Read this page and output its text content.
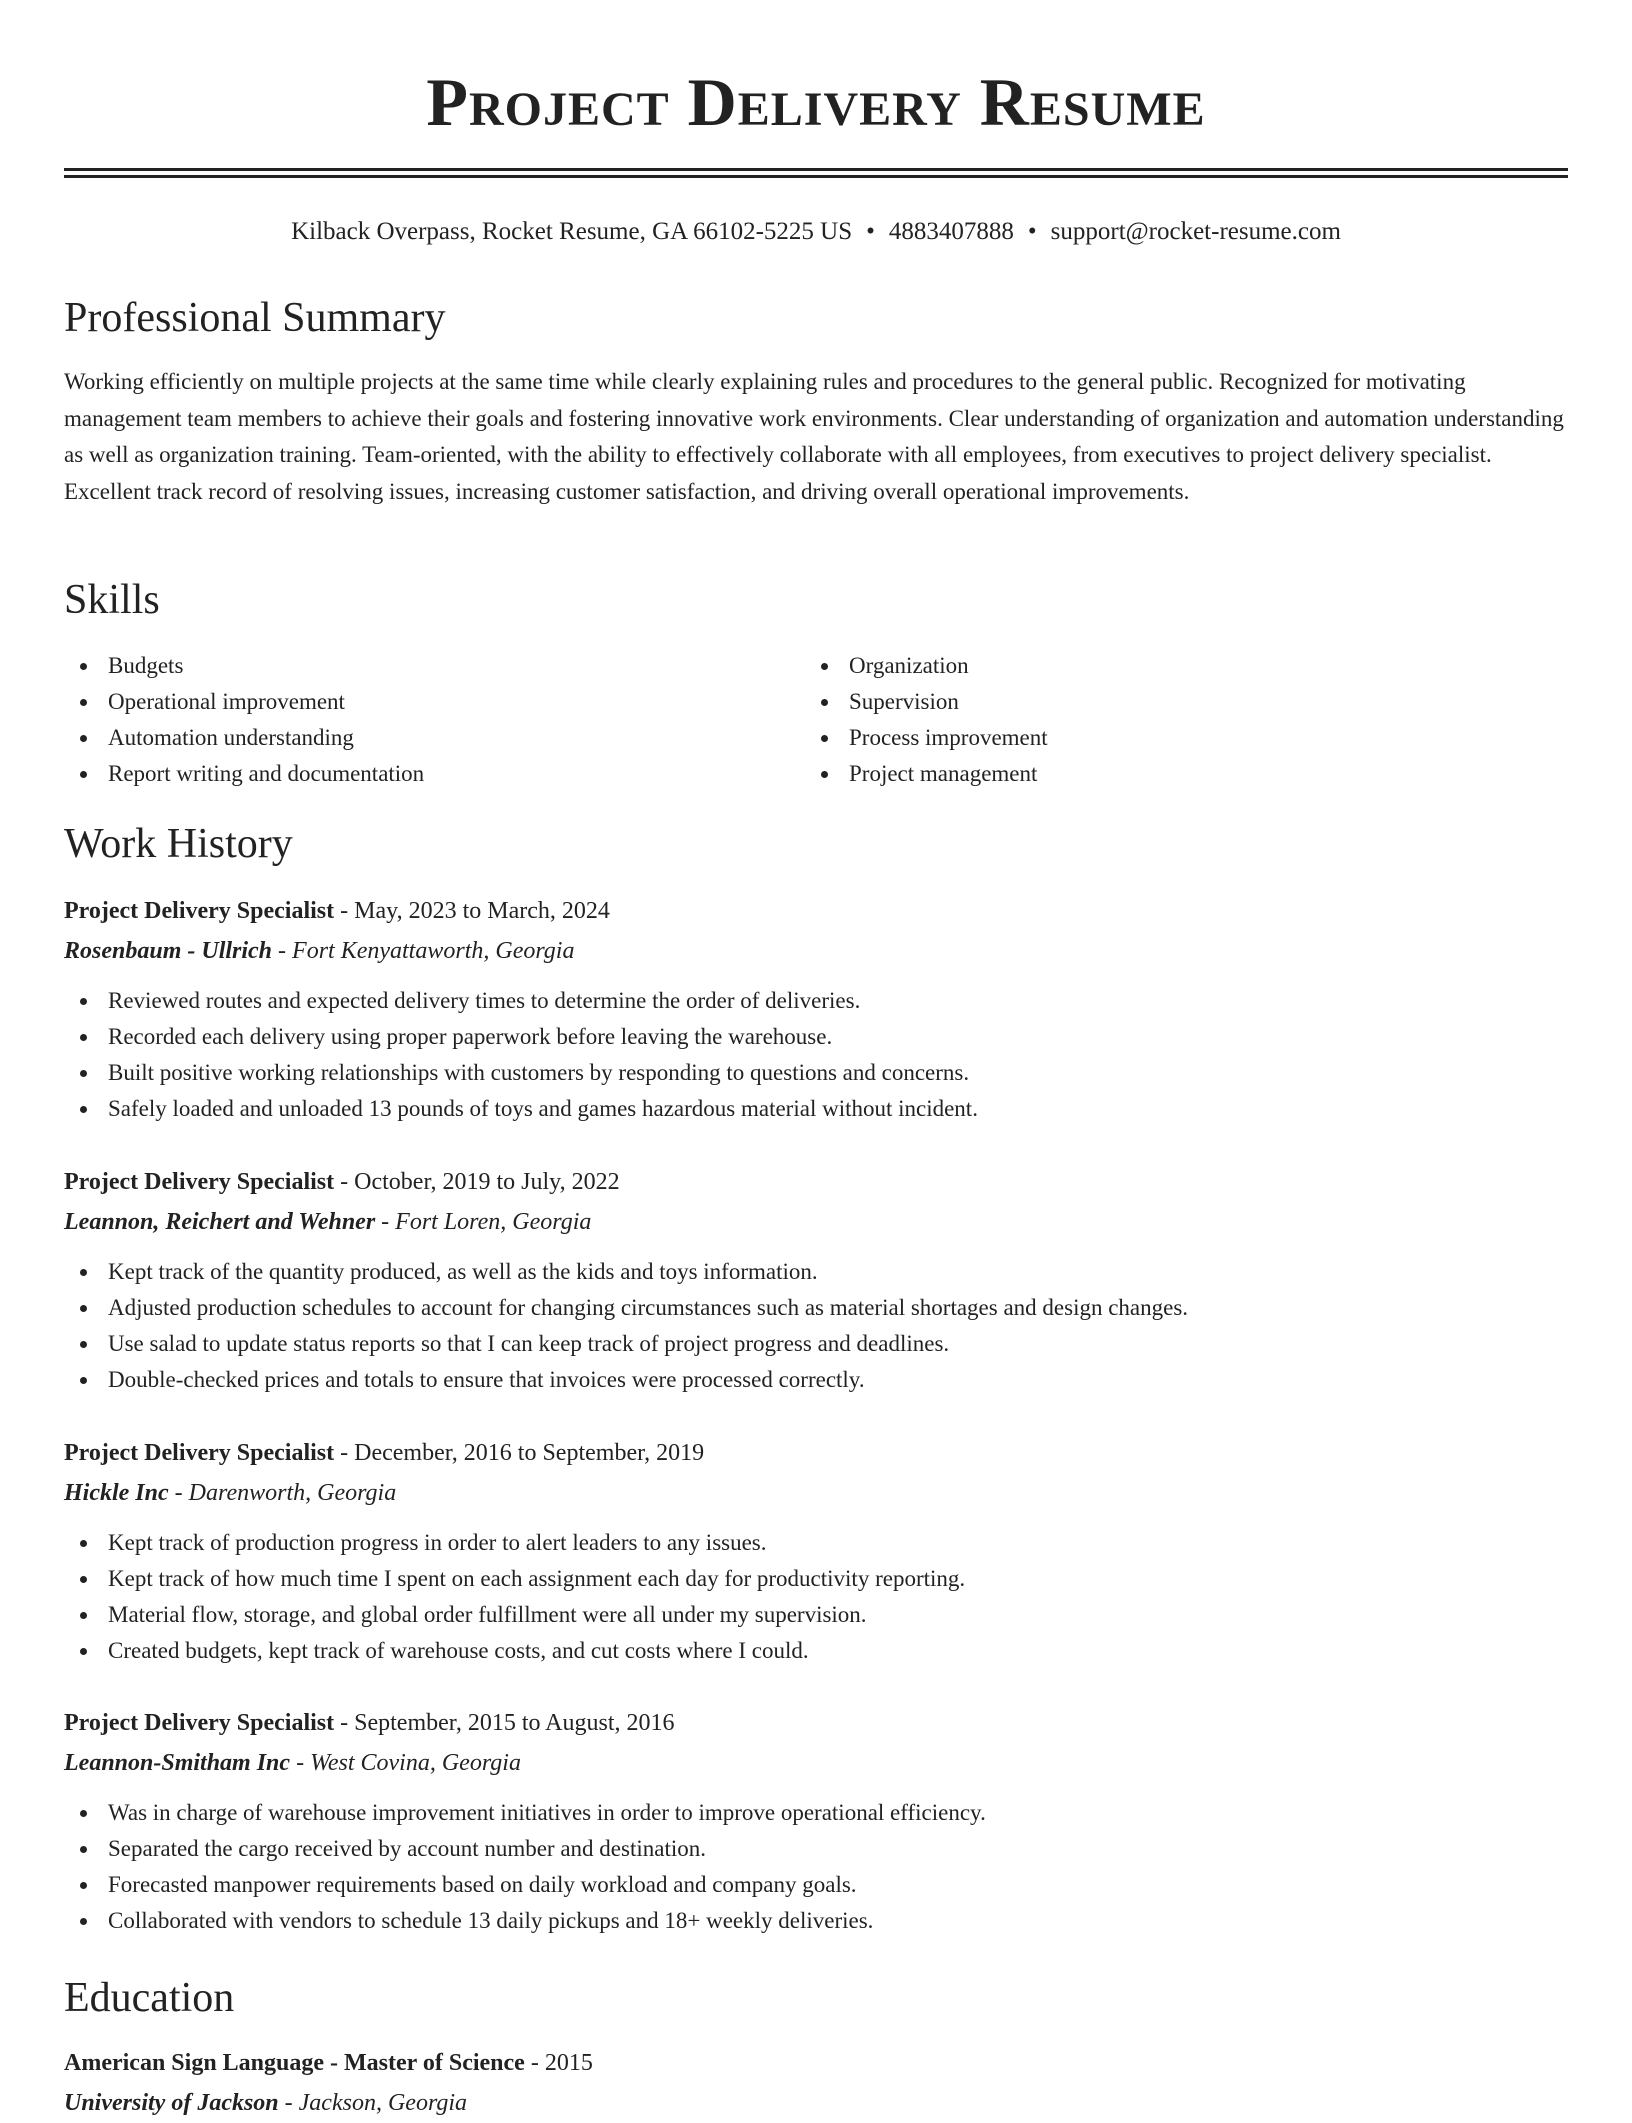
Project Delivery Resume
Kilback Overpass, Rocket Resume, GA 66102-5225 US • 4883407888 • support@rocket-resume.com
Professional Summary

Working efficiently on multiple projects at the same time while clearly explaining rules and procedures to the general public. Recognized for motivating management team members to achieve their goals and fostering innovative work environments. Clear understanding of organization and automation understanding as well as organization training. Team-oriented, with the ability to effectively collaborate with all employees, from executives to project delivery specialist. Excellent track record of resolving issues, increasing customer satisfaction, and driving overall operational improvements.

Skills
Budgets
Operational improvement
Automation understanding
Report writing and documentation
Organization
Supervision
Process improvement
Project management
Work History
Project Delivery Specialist - May, 2023 to March, 2024
Rosenbaum - Ullrich - Fort Kenyattaworth, Georgia
Reviewed routes and expected delivery times to determine the order of deliveries.
Recorded each delivery using proper paperwork before leaving the warehouse.
Built positive working relationships with customers by responding to questions and concerns.
Safely loaded and unloaded 13 pounds of toys and games hazardous material without incident.
Project Delivery Specialist - October, 2019 to July, 2022
Leannon, Reichert and Wehner - Fort Loren, Georgia
Kept track of the quantity produced, as well as the kids and toys information.
Adjusted production schedules to account for changing circumstances such as material shortages and design changes.
Use salad to update status reports so that I can keep track of project progress and deadlines.
Double-checked prices and totals to ensure that invoices were processed correctly.
Project Delivery Specialist - December, 2016 to September, 2019
Hickle Inc - Darenworth, Georgia
Kept track of production progress in order to alert leaders to any issues.
Kept track of how much time I spent on each assignment each day for productivity reporting.
Material flow, storage, and global order fulfillment were all under my supervision.
Created budgets, kept track of warehouse costs, and cut costs where I could.
Project Delivery Specialist - September, 2015 to August, 2016
Leannon-Smitham Inc - West Covina, Georgia
Was in charge of warehouse improvement initiatives in order to improve operational efficiency.
Separated the cargo received by account number and destination.
Forecasted manpower requirements based on daily workload and company goals.
Collaborated with vendors to schedule 13 daily pickups and 18+ weekly deliveries.
Education
American Sign Language - Master of Science - 2015
University of Jackson - Jackson, Georgia
